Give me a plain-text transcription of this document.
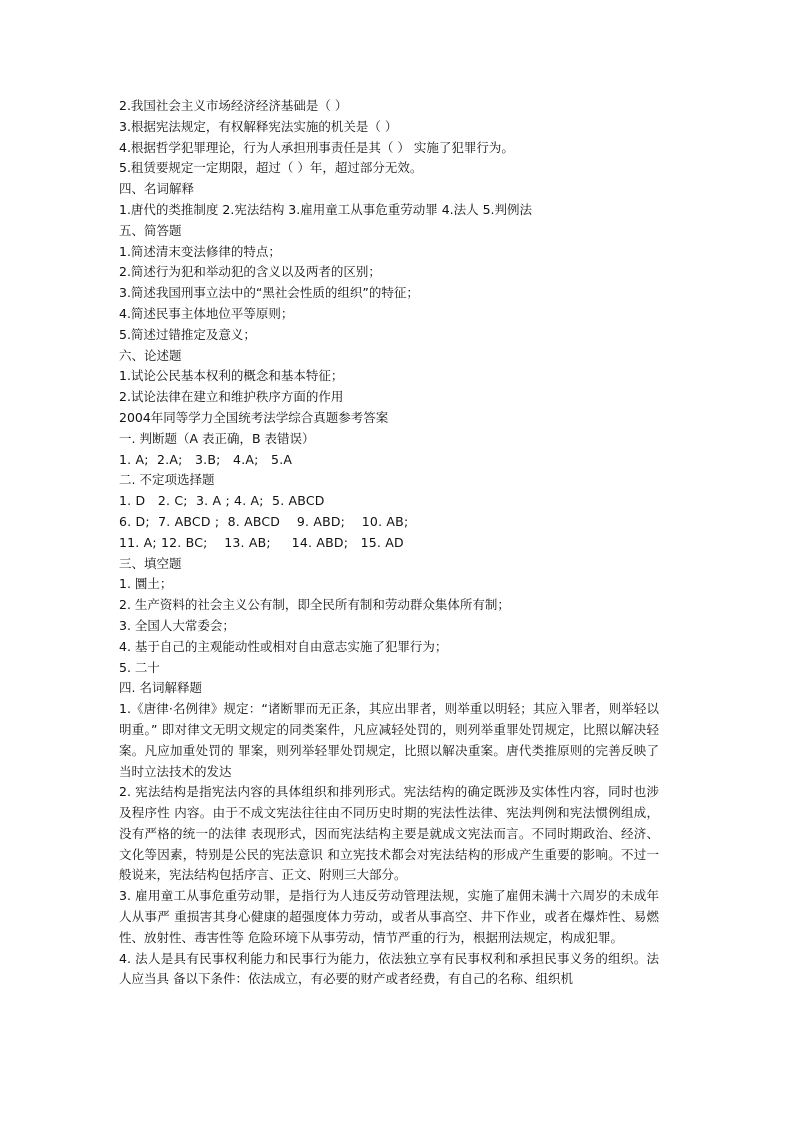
2.我国社会主义市场经济经济基础是（ ）
3.根据宪法规定，有权解释宪法实施的机关是（ ）
4.根据哲学犯罪理论，行为人承担刑事责任是其（ ） 实施了犯罪行为。
5.租赁要规定一定期限，超过（ ）年，超过部分无效。
四、名词解释
1.唐代的类推制度 2.宪法结构 3.雇用童工从事危重劳动罪 4.法人 5.判例法
五、简答题
1.简述清末变法修律的特点；
2.简述行为犯和举动犯的含义以及两者的区别；
3.简述我国刑事立法中的“黑社会性质的组织”的特征；
4.简述民事主体地位平等原则；
5.简述过错推定及意义；
六、论述题
1.试论公民基本权利的概念和基本特征；
2.试论法律在建立和维护秩序方面的作用
2004年同等学力全国统考法学综合真题参考答案
一. 判断题（A 表正确，B 表错误）
1. A;  2.A;   3.B;   4.A;   5.A
二. 不定项选择题
1. D   2. C;  3. A ; 4. A;  5. ABCD
6. D;  7. ABCD ;  8. ABCD    9. ABD;    10. AB;
11. A; 12. BC;    13. AB;     14. ABD;   15. AD
三、填空题
1. 圜土；
2. 生产资料的社会主义公有制，即全民所有制和劳动群众集体所有制；
3. 全国人大常委会；
4. 基于自己的主观能动性或相对自由意志实施了犯罪行为；
5. 二十
四. 名词解释题
1.《唐律·名例律》规定：“诸断罪而无正条，其应出罪者，则举重以明轻；其应入罪者，则举轻以明重。” 即对律文无明文规定的同类案件，凡应减轻处罚的，则列举重罪处罚规定，比照以解决轻案。凡应加重处罚的 罪案，则列举轻罪处罚规定，比照以解决重案。唐代类推原则的完善反映了当时立法技术的发达
2. 宪法结构是指宪法内容的具体组织和排列形式。宪法结构的确定既涉及实体性内容，同时也涉及程序性 内容。由于不成文宪法往往由不同历史时期的宪法性法律、宪法判例和宪法惯例组成，没有严格的统一的法律 表现形式，因而宪法结构主要是就成文宪法而言。不同时期政治、经济、文化等因素，特别是公民的宪法意识 和立宪技术都会对宪法结构的形成产生重要的影响。不过一般说来，宪法结构包括序言、正文、附则三大部分。
3. 雇用童工从事危重劳动罪，是指行为人违反劳动管理法规，实施了雇佣未满十六周岁的未成年人从事严 重损害其身心健康的超强度体力劳动，或者从事高空、井下作业，或者在爆炸性、易燃性、放射性、毒害性等 危险环境下从事劳动，情节严重的行为，根据刑法规定，构成犯罪。
4. 法人是具有民事权利能力和民事行为能力，依法独立享有民事权利和承担民事义务的组织。法人应当具 备以下条件：依法成立，有必要的财产或者经费，有自己的名称、组织机
